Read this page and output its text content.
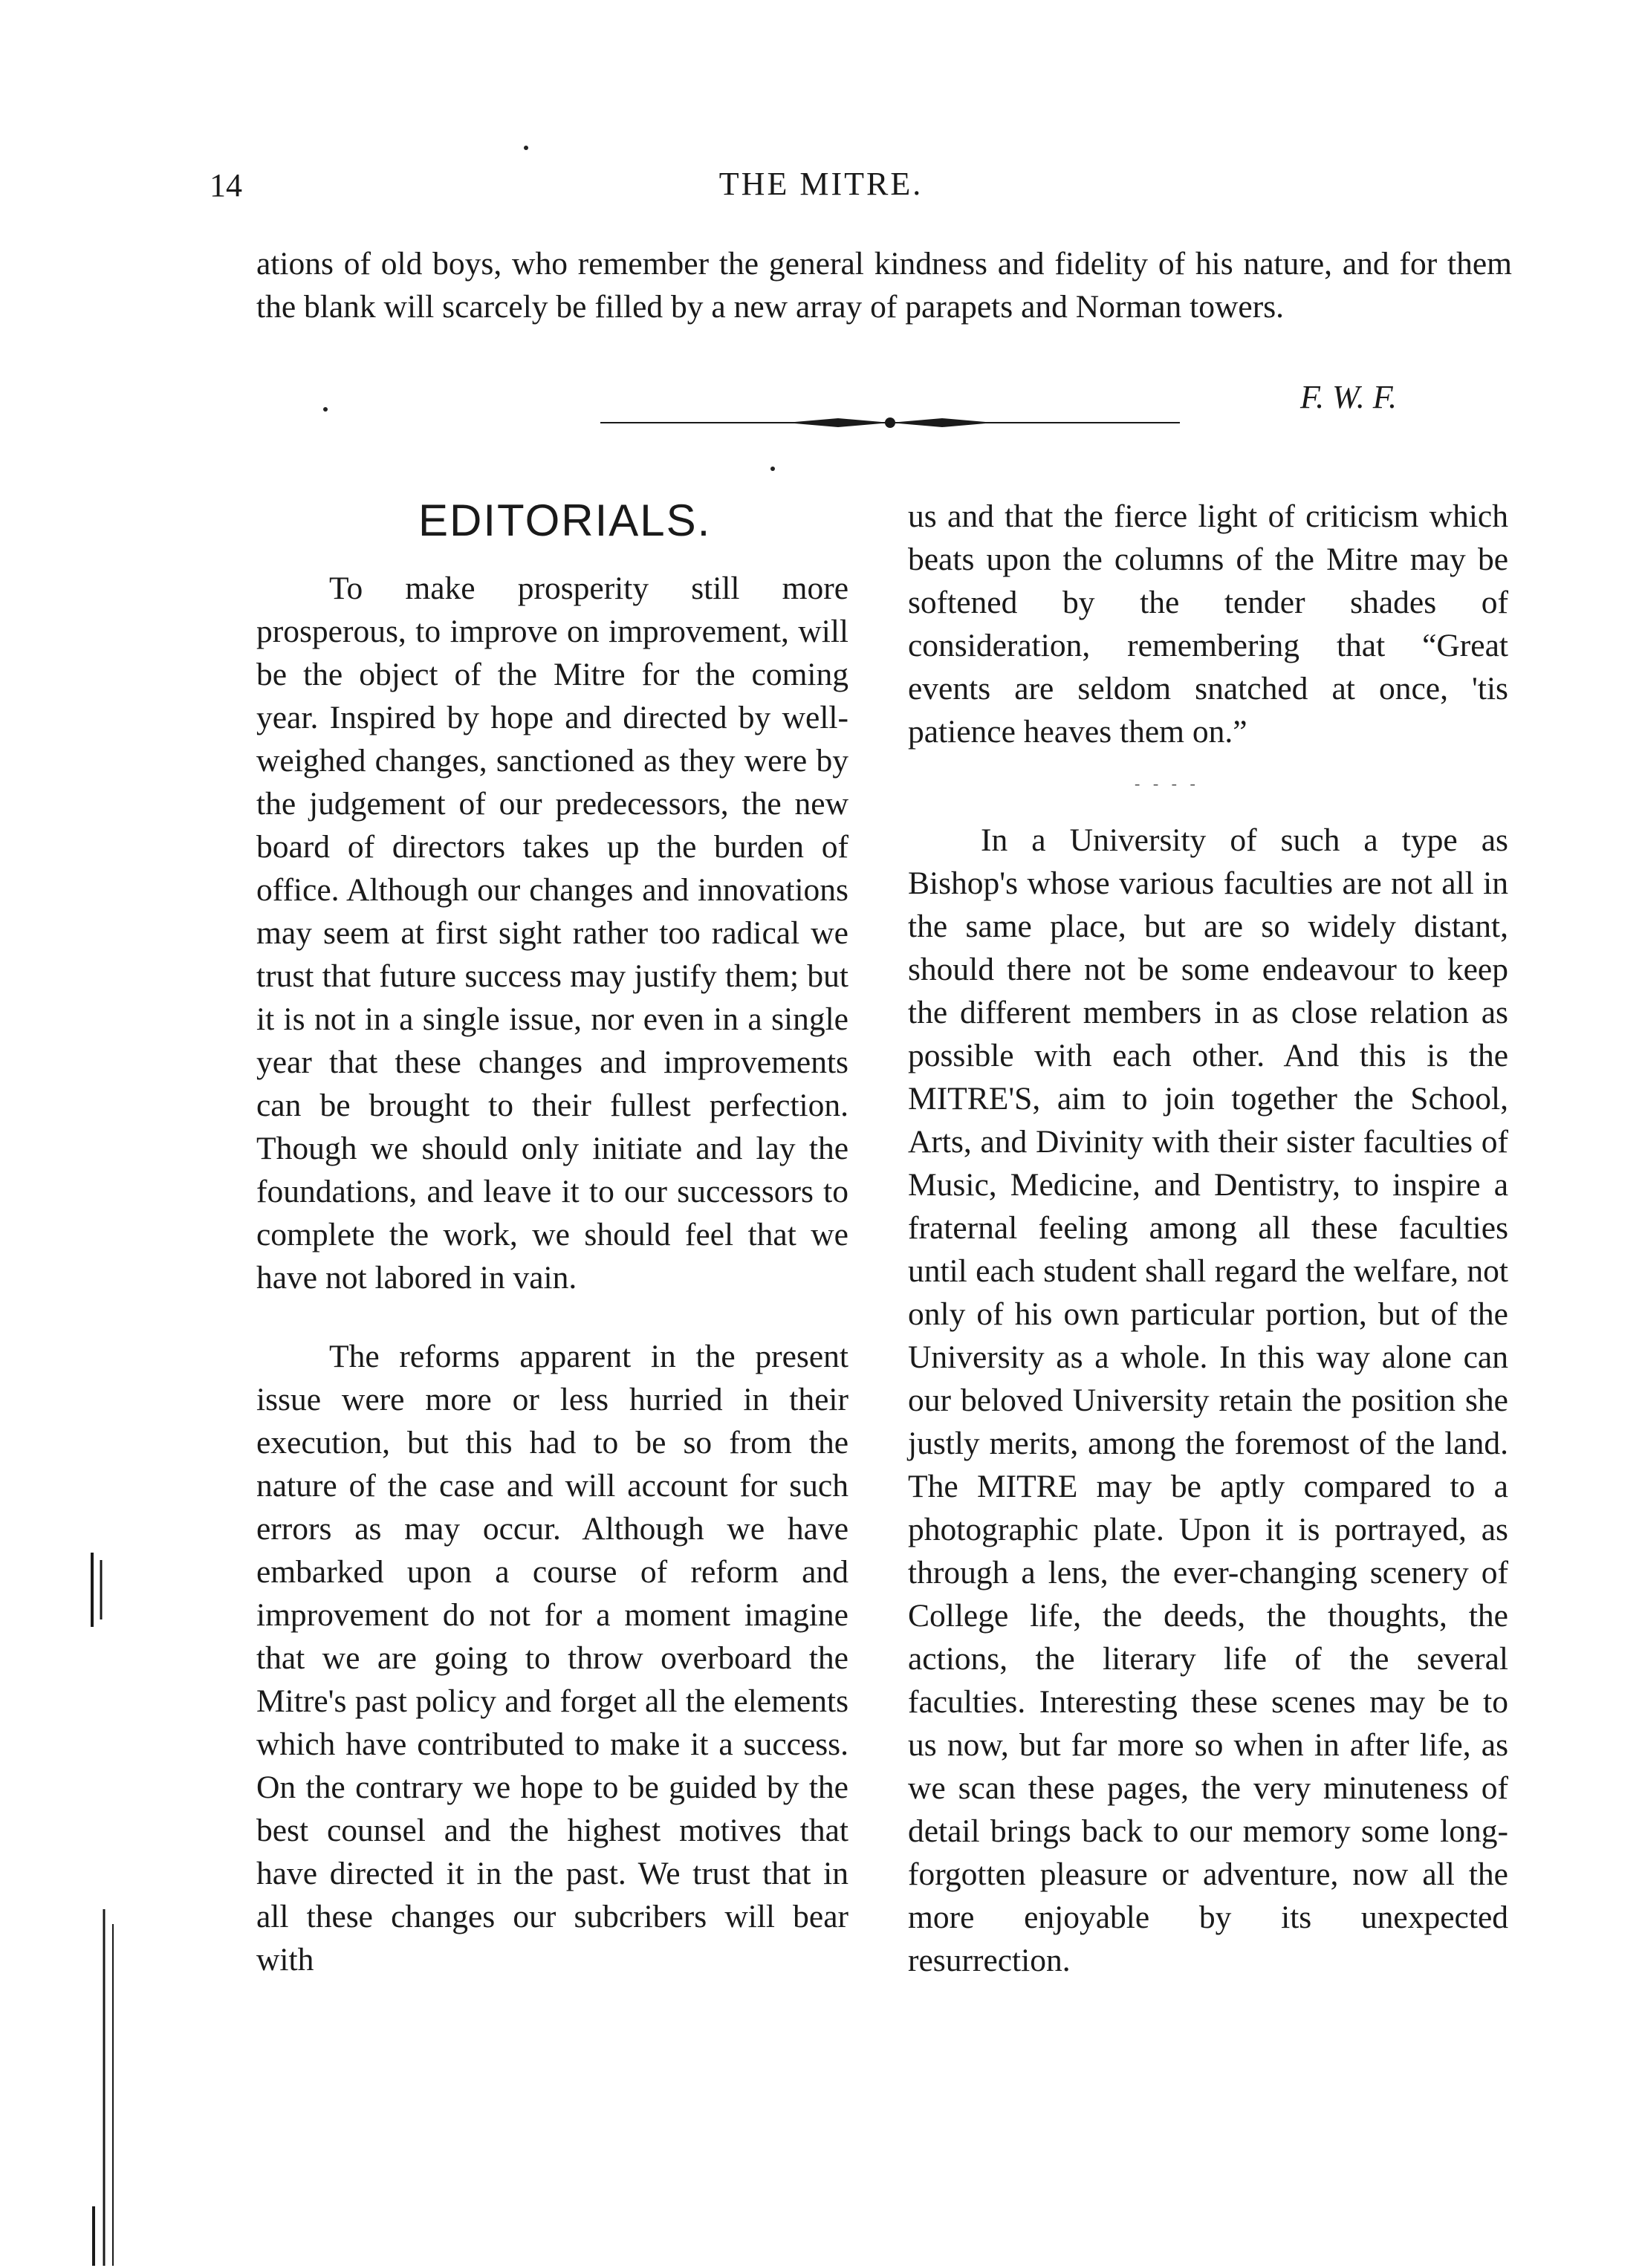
14	THE MITRE.
ations of old boys, who remember the general kindness and fidelity of his nature, and for them the blank will scarcely be filled by a new array of parapets and Norman towers.
F. W. F.
EDITORIALS.

To make prosperity still more prosperous, to improve on improvement, will be the object of the Mitre for the coming year. Inspired by hope and directed by well-weighed changes, sanctioned as they were by the judgement of our predecessors, the new board of directors takes up the burden of office. Although our changes and innovations may seem at first sight rather too radical we trust that future success may justify them; but it is not in a single issue, nor even in a single year that these changes and improvements can be brought to their fullest perfection. Though we should only initiate and lay the foundations, and leave it to our successors to complete the work, we should feel that we have not labored in vain.

The reforms apparent in the present issue were more or less hurried in their execution, but this had to be so from the nature of the case and will account for such errors as may occur. Although we have embarked upon a course of reform and improvement do not for a moment imagine that we are going to throw overboard the Mitre's past policy and forget all the elements which have contributed to make it a success. On the contrary we hope to be guided by the best counsel and the highest motives that have directed it in the past. We trust that in all these changes our subcribers will bear with

us and that the fierce light of criticism which beats upon the columns of the Mitre may be softened by the tender shades of consideration, remembering that “Great events are seldom snatched at once, 'tis patience heaves them on.”

- - - -

In a University of such a type as Bishop's whose various faculties are not all in the same place, but are so widely distant, should there not be some endeavour to keep the different members in as close relation as possible with each other. And this is the MITRE'S, aim to join together the School, Arts, and Divinity with their sister faculties of Music, Medicine, and Dentistry, to inspire a fraternal feeling among all these faculties until each student shall regard the welfare, not only of his own particular portion, but of the University as a whole. In this way alone can our beloved University retain the position she justly merits, among the foremost of the land. The MITRE may be aptly compared to a photographic plate. Upon it is portrayed, as through a lens, the ever-changing scenery of College life, the deeds, the thoughts, the actions, the literary life of the several faculties. Interesting these scenes may be to us now, but far more so when in after life, as we scan these pages, the very minuteness of detail brings back to our memory some long-forgotten pleasure or adventure, now all the more enjoyable by its unexpected resurrection.
